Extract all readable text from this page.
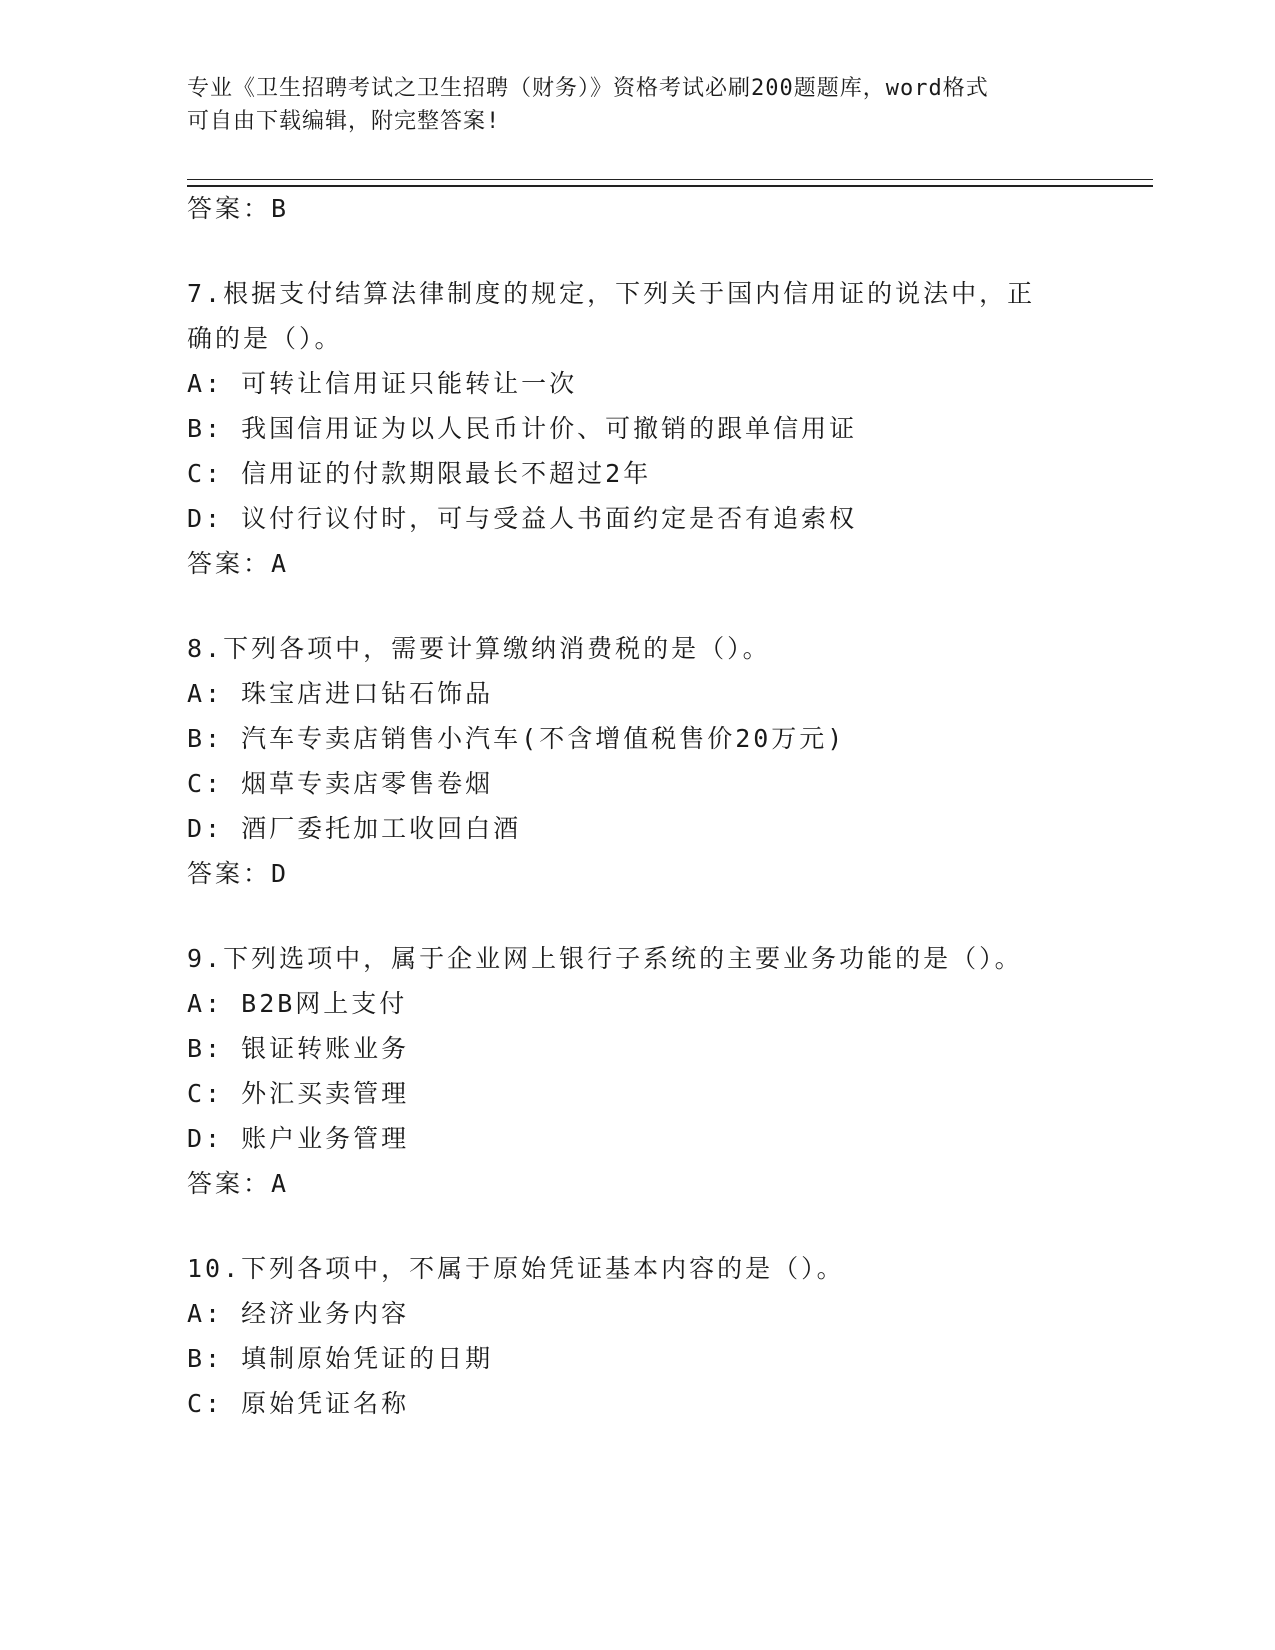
专业《卫生招聘考试之卫生招聘（财务）》资格考试必刷200题题库，word格式
可自由下载编辑，附完整答案!
答案：B
7.根据支付结算法律制度的规定，下列关于国内信用证的说法中，正
确的是（）。
A: 可转让信用证只能转让一次
B: 我国信用证为以人民币计价、可撤销的跟单信用证
C: 信用证的付款期限最长不超过2年
D: 议付行议付时，可与受益人书面约定是否有追索权
答案：A
8.下列各项中，需要计算缴纳消费税的是（）。
A: 珠宝店进口钻石饰品
B: 汽车专卖店销售小汽车(不含增值税售价20万元)
C: 烟草专卖店零售卷烟
D: 酒厂委托加工收回白酒
答案：D
9.下列选项中，属于企业网上银行子系统的主要业务功能的是（）。
A: B2B网上支付
B: 银证转账业务
C: 外汇买卖管理
D: 账户业务管理
答案：A
10.下列各项中，不属于原始凭证基本内容的是（）。
A: 经济业务内容
B: 填制原始凭证的日期
C: 原始凭证名称
